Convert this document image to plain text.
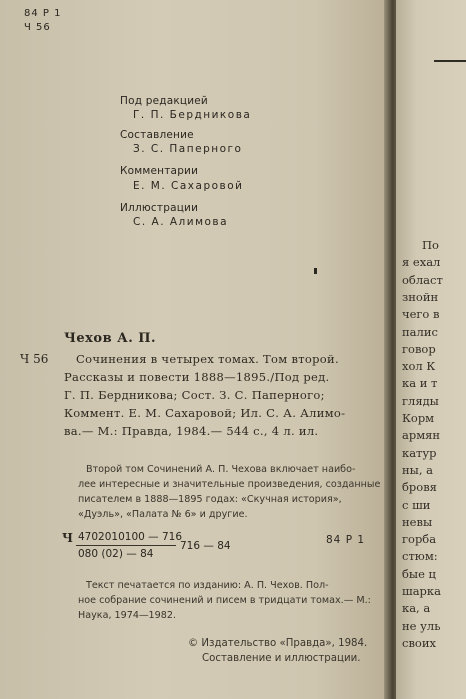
84 Р 1
Ч 56
Под редакцией
Г. П. Бердникова
Составление
З. С. Паперного
Комментарии
Е. М. Сахаровой
Иллюстрации
С. А. Алимова
Чехов А. П.
Ч 56 Сочинения в четырех томах. Том второй.
Рассказы и повести 1888—1895./Под ред.
Г. П. Бердникова; Сост. З. С. Паперного;
Коммент. Е. М. Сахаровой; Ил. С. А. Алимо-
ва.— М.: Правда, 1984.— 544 с., 4 л. ил.
Второй том Сочинений А. П. Чехова включает наибо-
лее интересные и значительные произведения, созданные
писателем в 1888—1895 годах: «Скучная история»,
«Дуэль», «Палата № 6» и другие.
Ч 4702010100 — 716
080 (02) — 84
716 — 84	84 Р 1
Текст печатается по изданию: А. П. Чехов. Пол-
ное собрание сочинений и писем в тридцати томах.— М.:
Наука, 1974—1982.
© Издательство «Правда», 1984.
Составление и иллюстрации.
По
я ехал
област
знойн
чего в
палис
говор
хол К
ка и т
гляды
Корм
армян
катур
ны, а
бровя
с ши
невы
горба
стюм:
бые ц
шарка
ка, а
не уль
своих
